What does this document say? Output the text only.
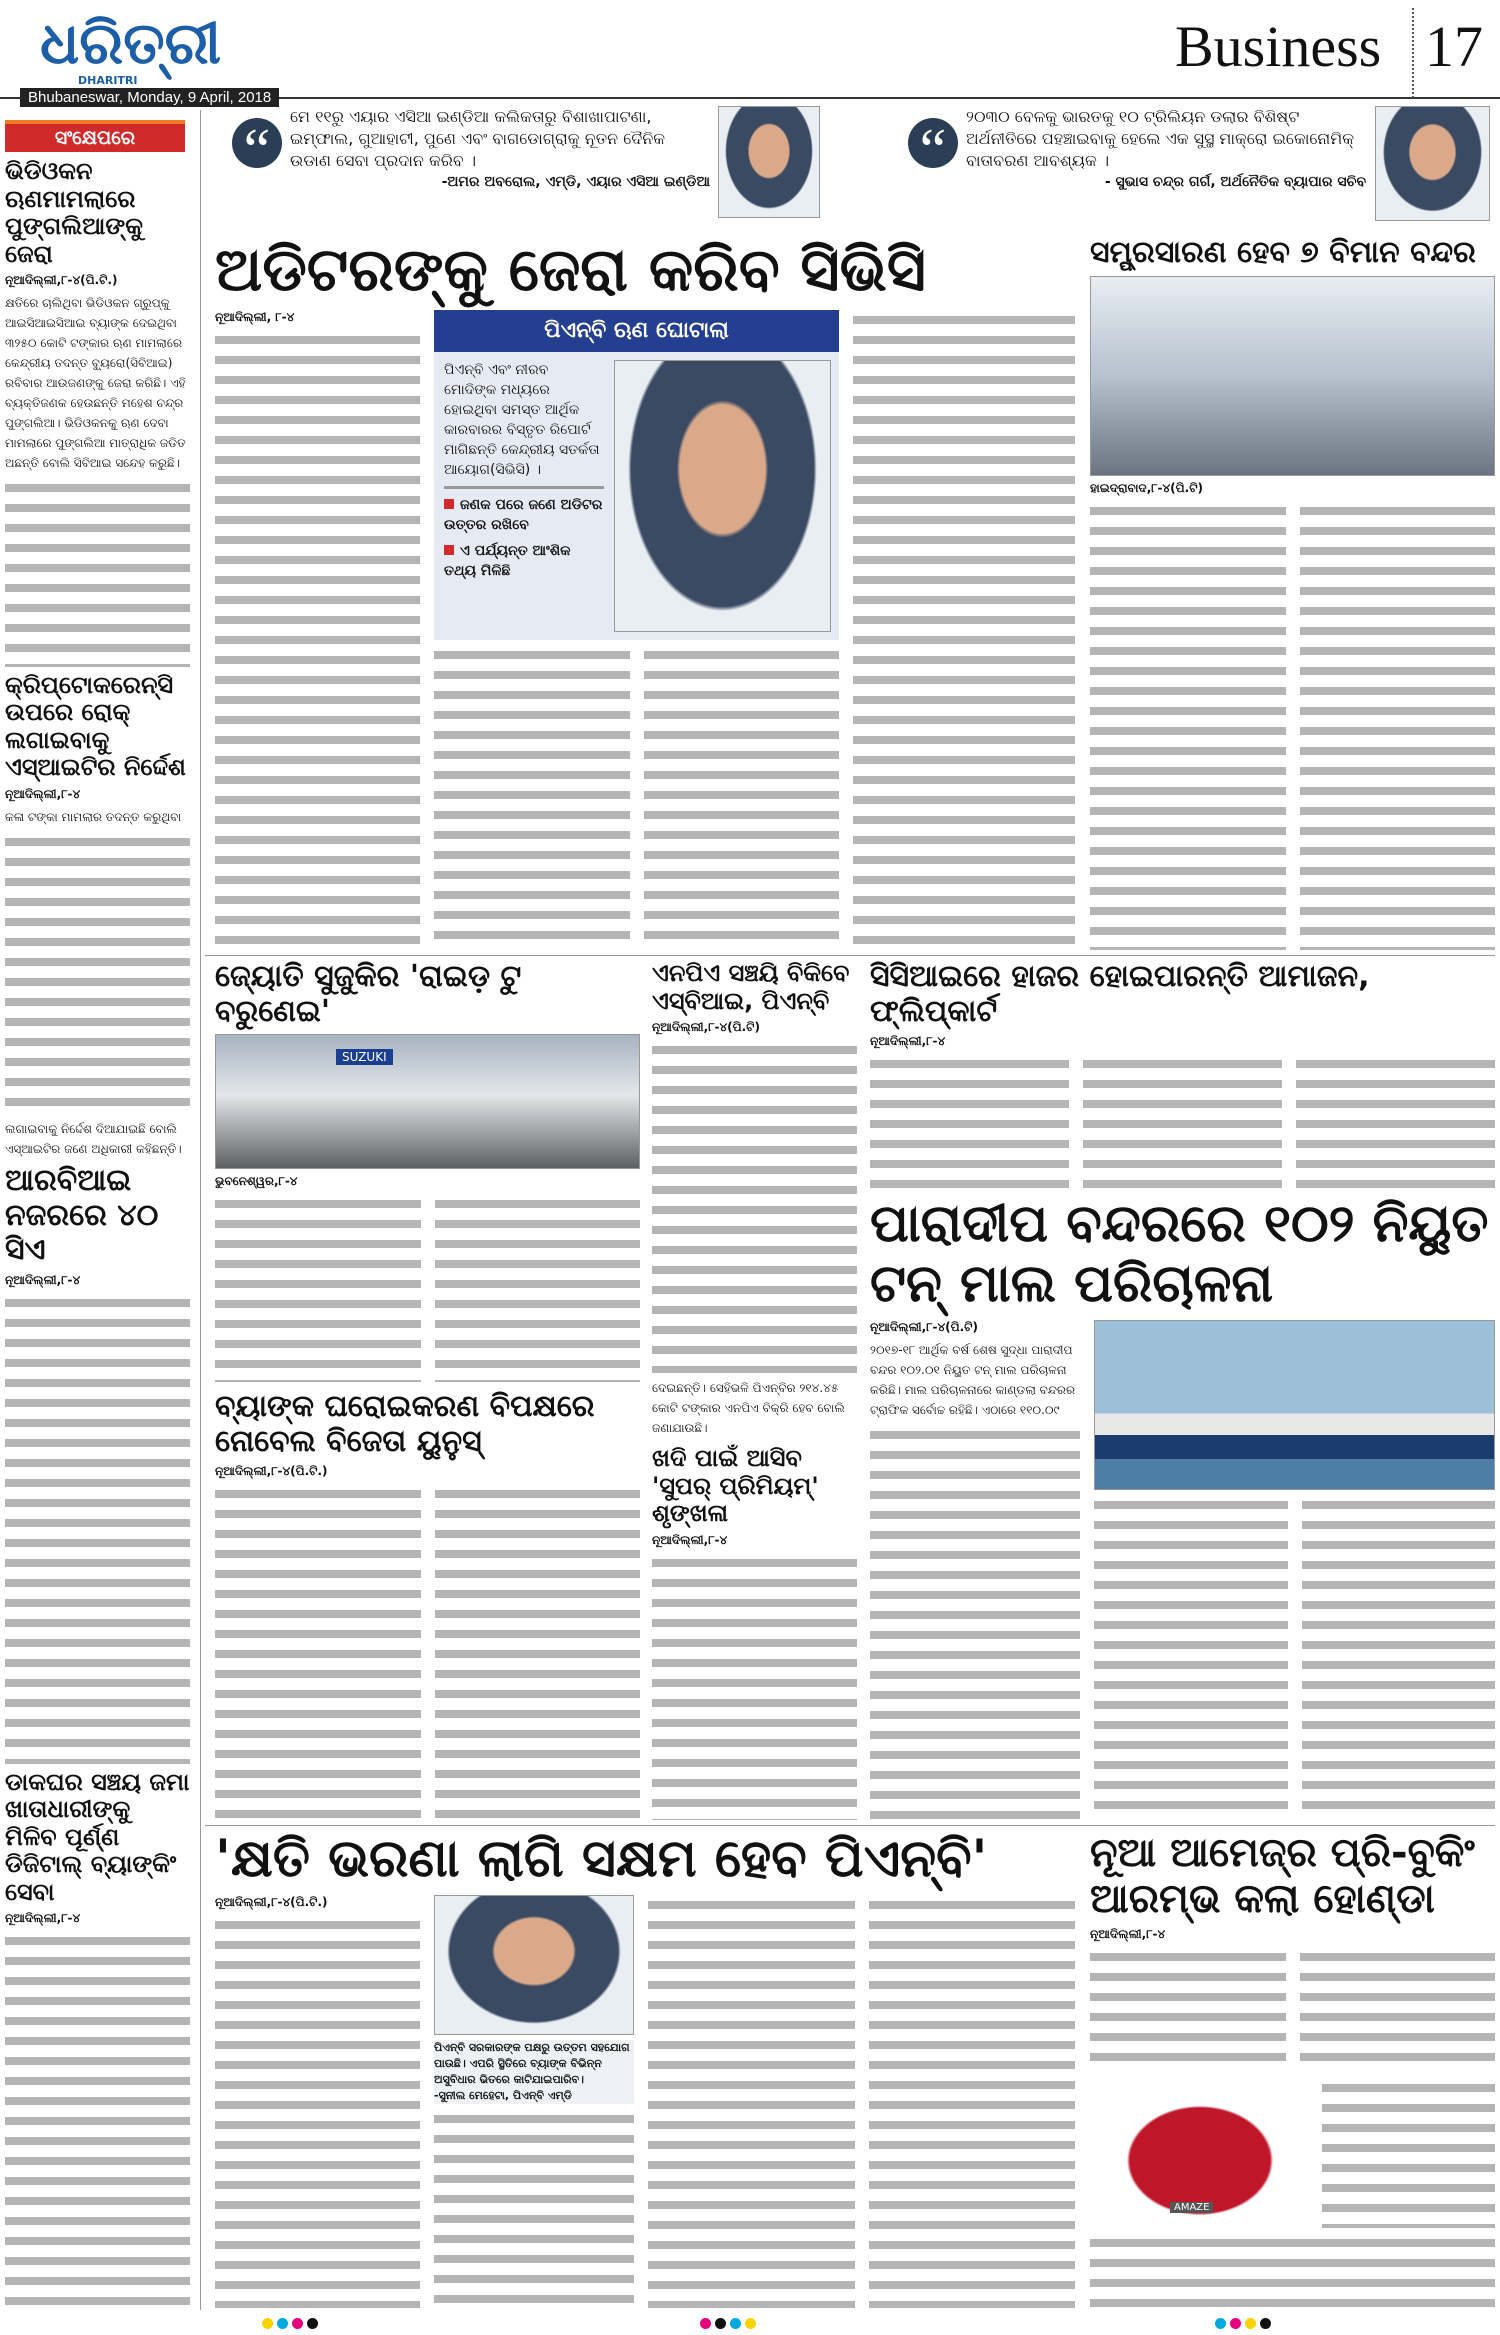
ଧରିତ୍ରୀ
DHARITRI
Bhubaneswar, Monday, 9 April, 2018
Business 17
“
ମେ ୧୧ରୁ ଏୟାର ଏସିଆ ଇଣ୍ଡିଆ କଲିକତାରୁ ବିଶାଖାପାଟଣା, ଇମ୍ଫାଲ, ଗୁଆହାଟୀ, ପୁଣେ ଏବଂ ବାଗଡୋଗ୍ରାକୁ ନୂତନ ଦୈନିକ ଉଡାଣ ସେବା ପ୍ରଦାନ କରିବ ।
-ଅମର ଅବରୋଲ, ଏମ୍‌ଡି, ଏୟାର ଏସିଆ ଇଣ୍ଡିଆ	“
୨୦୩୦ ବେଳକୁ ଭାରତକୁ ୧୦ ଟ୍ରିଲିୟନ ଡଲାର ବିଶିଷ୍ଟ ଅର୍ଥନୀତିରେ ପହଞ୍ଚାଇବାକୁ ହେଲେ ଏକ ସୁସ୍ଥ ମାକ୍ରୋ ଇକୋନୋମିକ୍ ବାତାବରଣ ଆବଶ୍ୟକ ।
- ସୁଭାସ ଚନ୍ଦ୍ର ଗର୍ଗ, ଅର୍ଥନୈତିକ ବ୍ୟାପାର ସଚିବ
ସଂକ୍ଷେପରେ
ଭିଡିଓକନ ଋଣମାମଲାରେ ପୁଙ୍ଗଲିଆଙ୍କୁ ଜେରା
ନୂଆଦିଲ୍ଲୀ,୮-୪(ପି.ଟି.)
କ୍ଷତିରେ ଚାଲିଥିବା ଭିଡିଓକନ ଗ୍ରୁପ୍‌କୁ ଆଇସିଆଇସିଆଇ ବ୍ୟାଙ୍କ ଦେଇଥିବା ୩୨୫୦ କୋଟି ଟଙ୍କାର ଋଣ ମାମଲାରେ କେନ୍ଦ୍ରୀୟ ତଦନ୍ତ ବ୍ୟୁରୋ(ସିବିଆଇ) ରବିବାର ଆଉଜଣଙ୍କୁ ଜେରା କରିଛି। ଏହି ବ୍ୟକ୍ତିଜଣକ ହେଉଛନ୍ତି ମହେଶ ଚନ୍ଦ୍ର ପୁଙ୍ଗଲିଆ। ଭିଡିଓକନକୁ ଋଣ ଦେବା ମାମଲାରେ ପୁଙ୍ଗଲିଆ ମାତ୍ରାଧିକ ଜଡିତ ଅଛନ୍ତି ବୋଲି ସିବିଆଇ ସନ୍ଦେହ କରୁଛି।
କ୍ରିପ୍ଟୋକରେନ୍ସି ଉପରେ ରୋକ୍ ଲଗାଇବାକୁ ଏସ୍‌ଆଇଟିର ନିର୍ଦ୍ଦେଶ
ନୂଆଦିଲ୍ଲୀ,୮-୪
କଳା ଟଙ୍କା ମାମଲାର ତଦନ୍ତ କରୁଥିବା
ଲଗାଇବାକୁ ନିର୍ଦ୍ଦେଶ ଦିଆଯାଇଛି ବୋଲି ଏସ୍‌ଆଇଟିର ଜଣେ ଅଧିକାରୀ କହିଛନ୍ତି।
ଆରବିଆଇ ନଜରରେ ୪୦ ସିଏ
ନୂଆଦିଲ୍ଲୀ,୮-୪
ଡାକଘର ସଞ୍ଚୟ ଜମା ଖାତାଧାରୀଙ୍କୁ ମିଳିବ ପୂର୍ଣ୍ଣ ଡିଜିଟାଲ୍ ବ୍ୟାଙ୍କିଂ ସେବା
ନୂଆଦିଲ୍ଲୀ,୮-୪
ଅଡିଟରଙ୍କୁ ଜେରା କରିବ ସିଭିସି
ନୂଆଦିଲ୍ଲୀ, ୮-୪
ପିଏନ୍‌ବି ଋଣ ଘୋଟାଲା
ପିଏନ୍‌ବି ଏବଂ ନୀରବ ମୋଦିଙ୍କ ମଧ୍ୟରେ ହୋଇଥିବା ସମସ୍ତ ଆର୍ଥିକ କାରବାରର ବିସ୍ତୃତ ରିପୋର୍ଟ ମାଗିଛନ୍ତି କେନ୍ଦ୍ରୀୟ ସତର୍କତା ଆୟୋଗ(ସିଭିସି) ।
ଜଣକ ପରେ ଜଣେ ଅଡିଟର ଉତ୍ତର ରଖିବେ
ଏ ପର୍ଯ୍ୟନ୍ତ ଆଂଶିକ ତଥ୍ୟ ମିଳିଛି
ସମ୍ପ୍ରସାରଣ ହେବ ୭ ବିମାନ ବନ୍ଦର
ହାଇଦ୍ରାବାଦ,୮-୪(ପି.ଟି)
ଜ୍ୟୋତି ସୁଜୁକିର 'ରାଇଡ଼ ଟୁ ବରୁଣେଇ'
SUZUKI
ଭୁବନେଶ୍ୱର,୮-୪
ଏନପିଏ ସଞ୍ଚୟି ବିକିବେ ଏସ୍‌ବିଆଇ, ପିଏନ୍‌ବି
ନୂଆଦିଲ୍ଲୀ,୮-୪(ପି.ଟି)
ଦେଇଛନ୍ତି। ସେହିଭଳି ପିଏନ୍‌ବିର ୨୧୪.୪୫ କୋଟି ଟଙ୍କାର ଏନପିଏ ବିକ୍ରି ହେବ ବୋଲି ଜଣାଯାଉଛି।
ସିସିଆଇରେ ହାଜର ହୋଇପାରନ୍ତି ଆମାଜନ, ଫ୍ଲିପ୍‌କାର୍ଟ
ନୂଆଦିଲ୍ଲୀ,୮-୪
ପାରାଦୀପ ବନ୍ଦରରେ ୧୦୨ ନିୟୁତ ଟନ୍ ମାଲ ପରିଚାଳନା
ନୂଆଦିଲ୍ଲୀ,୮-୪(ପି.ଟି)
୨୦୧୭-୧୮ ଆର୍ଥିକ ବର୍ଷ ଶେଷ ସୁଦ୍ଧା ପାରାଦୀପ ବନ୍ଦର ୧୦୨.୦୧ ନିୟୁତ ଟନ୍ ମାଲ ପରିଚାଳନା କରିଛି। ମାଲ ପରିଚାଳନାରେ କାଣ୍ଡଲା ବନ୍ଦରର ଟ୍ରାଫିକ ସର୍ବୋଚ୍ଚ ରହିଛି। ଏଠାରେ ୧୧୦.୦୯
ବ୍ୟାଙ୍କ ଘରୋଇକରଣ ବିପକ୍ଷରେ ନୋବେଲ ବିଜେତା ୟୁନୁସ୍
ନୂଆଦିଲ୍ଲୀ,୮-୪(ପି.ଟି.)	ଖଦି ପାଇଁ ଆସିବ 'ସୁପର୍ ପ୍ରିମିୟମ୍' ଶୃଙ୍ଖଳା
ନୂଆଦିଲ୍ଲୀ,୮-୪
'କ୍ଷତି ଭରଣା ଲାଗି ସକ୍ଷମ ହେବ ପିଏନ୍‌ବି'
ନୂଆଦିଲ୍ଲୀ,୮-୪(ପି.ଟି.)
ପିଏନ୍‌ବି ସରକାରଙ୍କ ପକ୍ଷରୁ ଉତ୍ତମ ସହଯୋଗ ପାଉଛି। ଏପରି ସ୍ଥିତିରେ ବ୍ୟାଙ୍କ ବିଭିନ୍ନ ଅସୁବିଧାର ଭିତରେ କାଟିଯାଇପାରିବ।
-ସୁନୀଲ ମେହେଟା, ପିଏନ୍‌ବି ଏମ୍‌ଡି
ନୂଆ ଆମେଜ୍‌ର ପ୍ରି-ବୁକିଂ ଆରମ୍ଭ କଲା ହୋଣ୍ଡା
ନୂଆଦିଲ୍ଲୀ,୮-୪
AMAZE
